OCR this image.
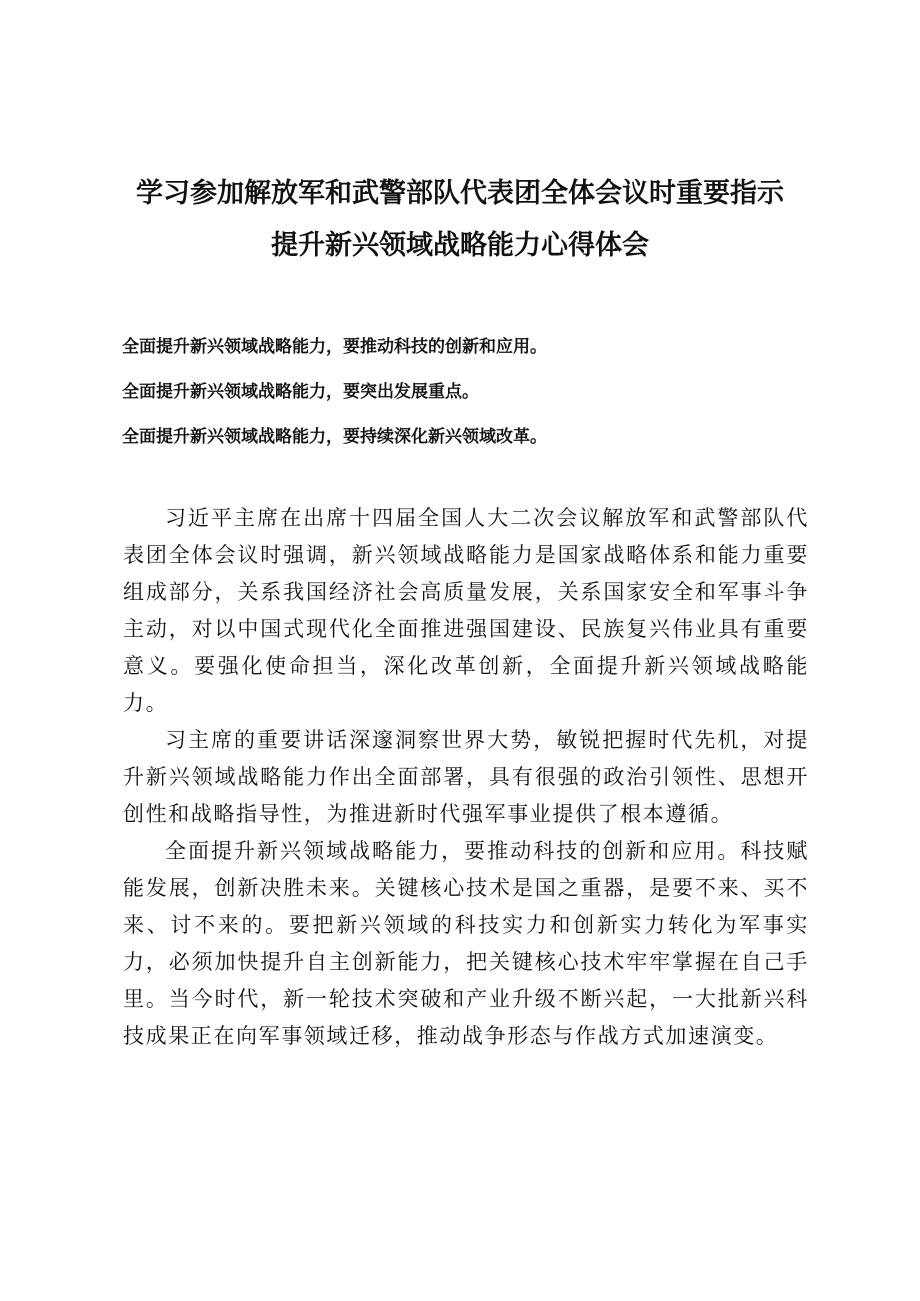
学习参加解放军和武警部队代表团全体会议时重要指示
提升新兴领域战略能力心得体会
全面提升新兴领域战略能力，要推动科技的创新和应用。
全面提升新兴领域战略能力，要突出发展重点。
全面提升新兴领域战略能力，要持续深化新兴领域改革。

习近平主席在出席十四届全国人大二次会议解放军和武警部队代表团全体会议时强调，新兴领域战略能力是国家战略体系和能力重要组成部分，关系我国经济社会高质量发展，关系国家安全和军事斗争主动，对以中国式现代化全面推进强国建设、民族复兴伟业具有重要意义。要强化使命担当，深化改革创新，全面提升新兴领域战略能力。

习主席的重要讲话深邃洞察世界大势，敏锐把握时代先机，对提升新兴领域战略能力作出全面部署，具有很强的政治引领性、思想开创性和战略指导性，为推进新时代强军事业提供了根本遵循。

全面提升新兴领域战略能力，要推动科技的创新和应用。科技赋能发展，创新决胜未来。关键核心技术是国之重器，是要不来、买不来、讨不来的。要把新兴领域的科技实力和创新实力转化为军事实力，必须加快提升自主创新能力，把关键核心技术牢牢掌握在自己手里。当今时代，新一轮技术突破和产业升级不断兴起，一大批新兴科技成果正在向军事领域迁移，推动战争形态与作战方式加速演变。
